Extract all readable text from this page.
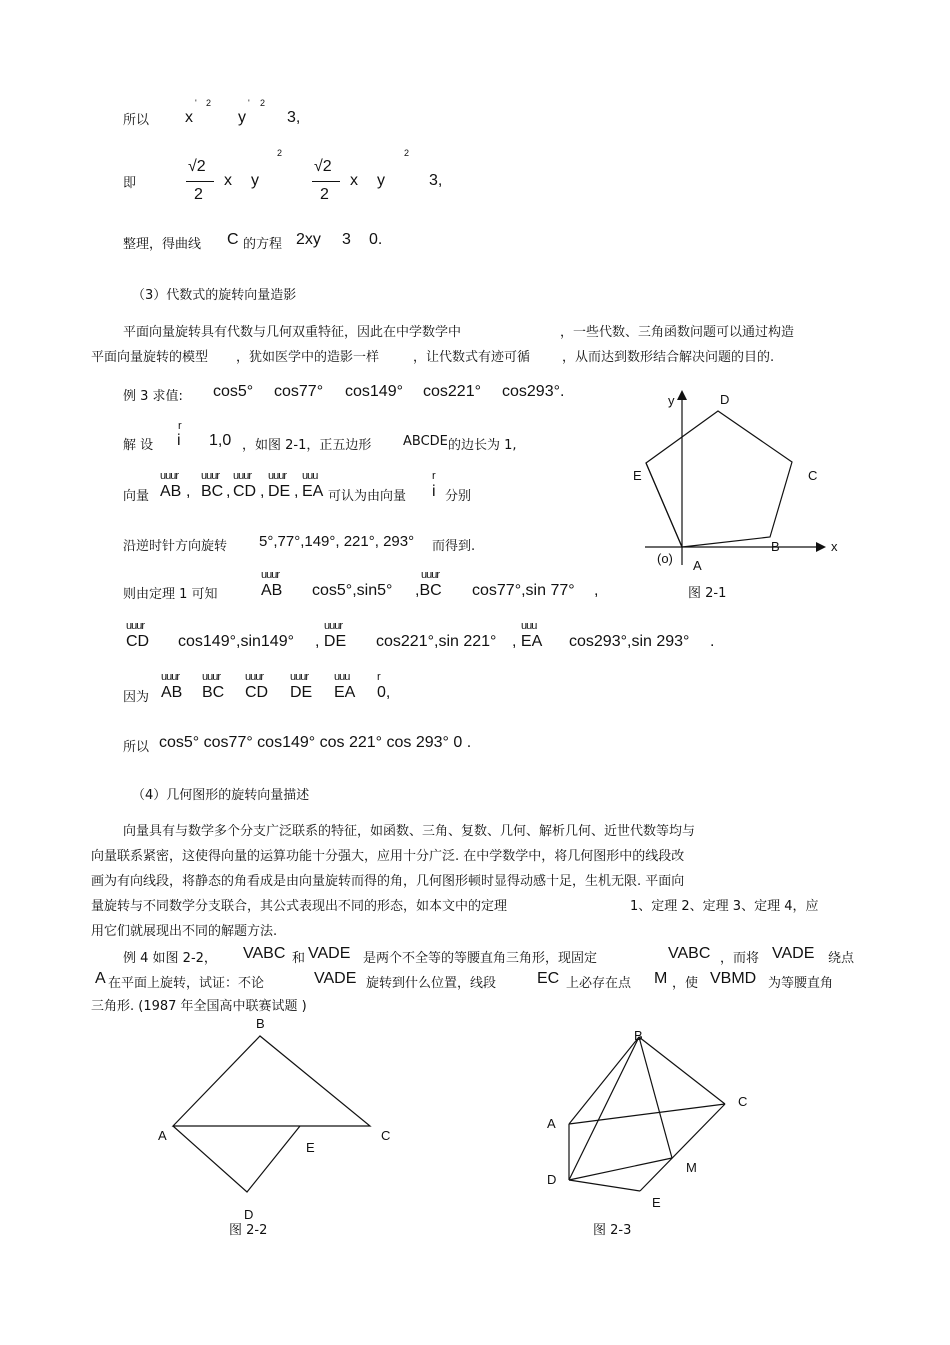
所以 x
' 2
y
' 2
3,
即
√2
2
x y
2
√2
2
x y
2
3,
整理，得曲线 C 的方程 2xy 3 0.
（3）代数式的旋转向量造影
平面向量旋转具有代数与几何双重特征，因此在中学数学中	，一些代数、三角函数问题可以通过构造
平面向量旋转的模型 ，犹如医学中的造影一样	，让代数式有迹可循 ，从而达到数形结合解决问题的目的.
例 3 求值: cos5° cos77° cos149° cos221° cos293°.
解 设
r
i 1,0 ，如图 2-1，正五边形 ABCDE 的边长为 1,
向量
uuur
AB ,
uuur
BC ,
uuur
CD ,
uuur
DE ,
uuu
EA 可认为由向量
r
i 分别
沿逆时针方向旋转 5°,77°,149°, 221°, 293° 而得到.
则由定理 1 可知
uuur
AB cos5°,sin5°
uuur
,BC cos77°,sin 77° ,
uuur
CD cos149°,sin149°
uuur
, DE cos221°,sin 221°
uuu
, EA cos293°,sin 293° .
因为
uuur
AB
uuur
BC
uuur
CD
uuur
DE
uuu
EA
r
0,
所以 cos5° cos77° cos149° cos 221° cos 293° 0 .
（4）几何图形的旋转向量描述
向量具有与数学多个分支广泛联系的特征，如函数、三角、复数、几何、解析几何、近世代数等均与
向量联系紧密，这使得向量的运算功能十分强大，应用十分广泛. 在中学数学中，将几何图形中的线段改
画为有向线段，将静态的角看成是由向量旋转而得的角，几何图形顿时显得动感十足，生机无限. 平面向
量旋转与不同数学分支联合，其公式表现出不同的形态，如本文中的定理	1、定理 2、定理 3、定理 4，应
用它们就展现出不同的解题方法.
例 4 如图 2-2， VABC 和 VADE 是两个不全等的等腰直角三角形，现固定	VABC ，而将 VADE 绕点
A 在平面上旋转，试证：不论	VADE 旋转到什么位置，线段	EC 上必存在点 M ，使 VBMD 为等腰直角
三角形. (1987 年全国高中联赛试题 )
y	D
C
E
B	x
(o) A
图 2-1
B
A	C
E
D
图 2-2
B
C
A
M
D
E
图 2-3
